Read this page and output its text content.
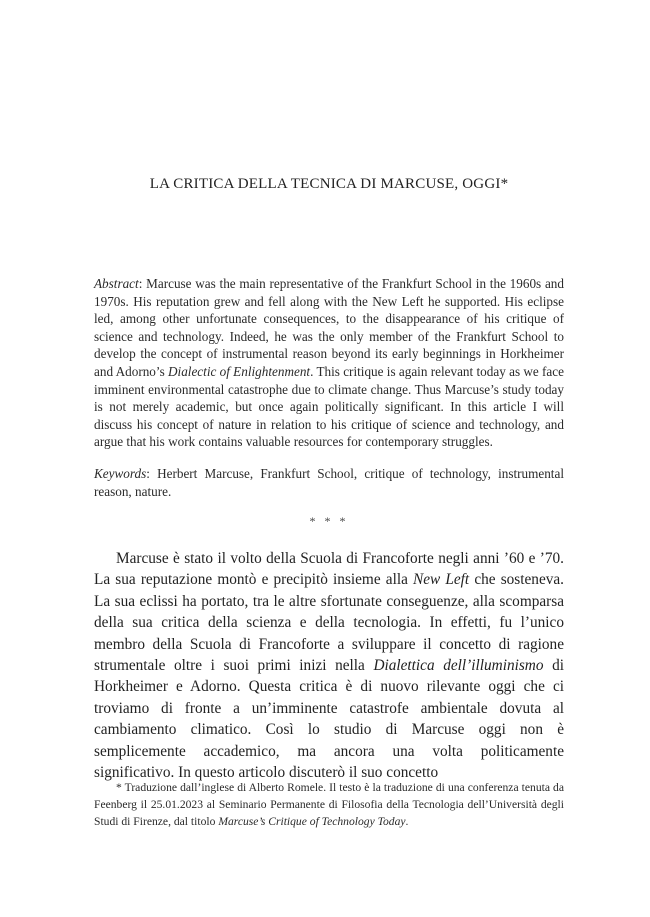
LA CRITICA DELLA TECNICA DI MARCUSE, OGGI*

Abstract: Marcuse was the main representative of the Frankfurt School in the 1960s and 1970s. His reputation grew and fell along with the New Left he supported. His eclipse led, among other unfortunate consequences, to the disappearance of his critique of science and technology. Indeed, he was the only member of the Frankfurt School to develop the concept of instrumental reason beyond its early beginnings in Horkheimer and Adorno’s Dialectic of Enlightenment. This critique is again relevant today as we face imminent environmental catastrophe due to climate change. Thus Marcuse’s study today is not merely academic, but once again politically significant. In this article I will discuss his concept of nature in relation to his critique of science and technology, and argue that his work contains valuable resources for contemporary struggles.

Keywords: Herbert Marcuse, Frankfurt School, critique of technology, instrumental reason, nature.

* * *

Marcuse è stato il volto della Scuola di Francoforte negli anni ’60 e ’70. La sua reputazione montò e precipitò insieme alla New Left che sosteneva. La sua eclissi ha portato, tra le altre sfortunate conseguenze, alla scomparsa della sua critica della scienza e della tecnologia. In effetti, fu l’unico membro della Scuola di Francoforte a sviluppare il concetto di ragione strumentale oltre i suoi primi inizi nella Dialettica dell’illuminismo di Horkheimer e Adorno. Questa critica è di nuovo rilevante oggi che ci troviamo di fronte a un’imminente catastrofe ambientale dovuta al cambiamento climatico. Così lo studio di Marcuse oggi non è semplicemente accademico, ma ancora una volta politicamente significativo. In questo articolo discuterò il suo concetto

* Traduzione dall’inglese di Alberto Romele. Il testo è la traduzione di una conferenza tenuta da Feenberg il 25.01.2023 al Seminario Permanente di Filosofia della Tecnologia dell’Università degli Studi di Firenze, dal titolo Marcuse’s Critique of Technology Today.
